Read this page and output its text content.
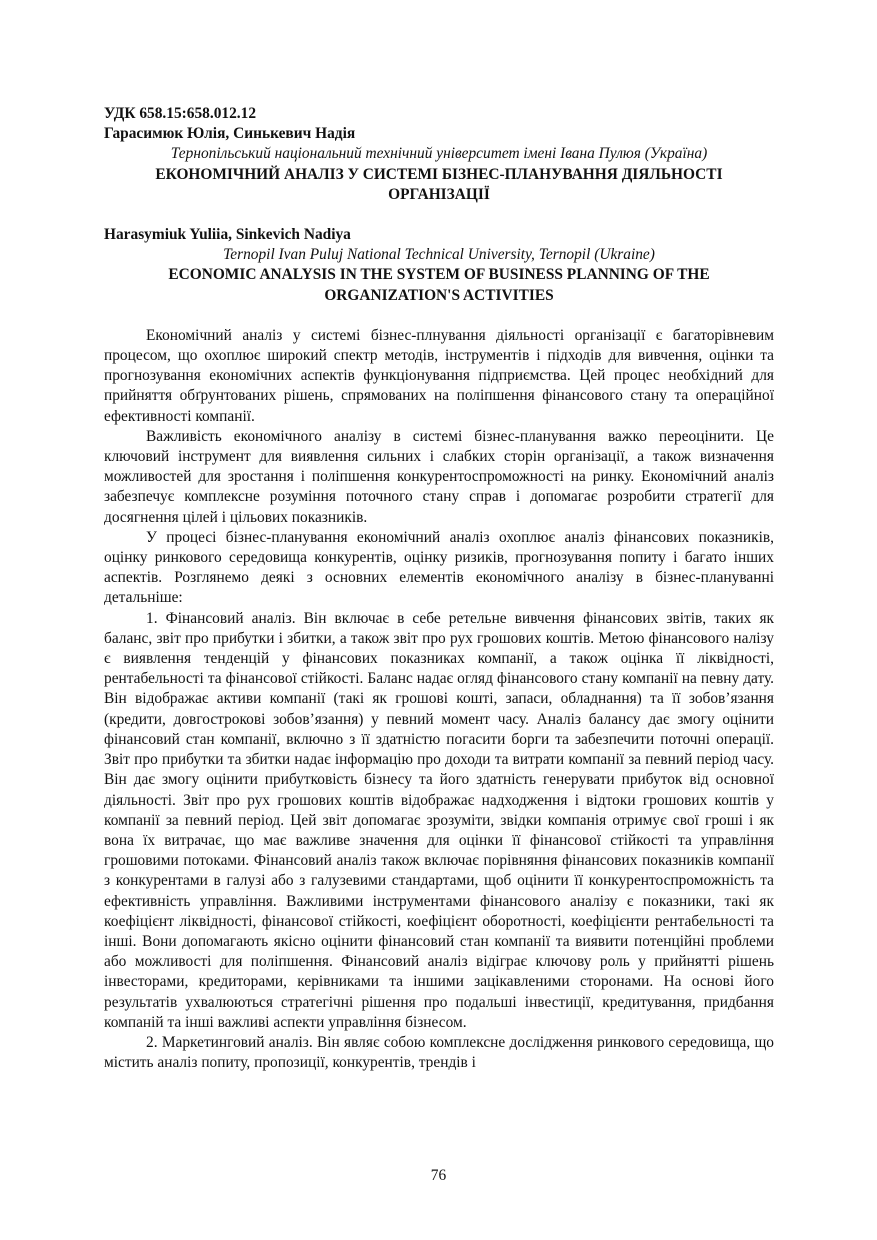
УДК 658.15:658.012.12
Гарасимюк Юлія, Синькевич Надія
Тернопільський національний технічний університет імені Івана Пулюя (Україна)
ЕКОНОМІЧНИЙ АНАЛІЗ У СИСТЕМІ БІЗНЕС-ПЛАНУВАННЯ ДІЯЛЬНОСТІ
ОРГАНІЗАЦІЇ
Harasymiuk Yuliia, Sinkevich Nadiya
Ternopil Ivan Puluj National Technical University, Ternopil (Ukraine)
ECONOMIC ANALYSIS IN THE SYSTEM OF BUSINESS PLANNING OF THE
ORGANIZATION'S ACTIVITIES

Економічний аналіз у системі бізнес-плнування діяльності організації є багаторівневим процесом, що охоплює широкий спектр методів, інструментів і підходів для вивчення, оцінки та прогнозування економічних аспектів функціонування підприємства. Цей процес необхідний для прийняття обґрунтованих рішень, спрямованих на поліпшення фінансового стану та операційної ефективності компанії.

Важливість економічного аналізу в системі бізнес-планування важко переоцінити. Це ключовий інструмент для виявлення сильних і слабких сторін організації, а також визначення можливостей для зростання і поліпшення конкурентоспроможності на ринку. Економічний аналіз забезпечує комплексне розуміння поточного стану справ і допомагає розробити стратегії для досягнення цілей і цільових показників.

У процесі бізнес-планування економічний аналіз охоплює аналіз фінансових показників, оцінку ринкового середовища конкурентів, оцінку ризиків, прогнозування попиту і багато інших аспектів. Розглянемо деякі з основних елементів економічного аналізу в бізнес-плануванні детальніше:

1. Фінансовий аналіз. Він включає в себе ретельне вивчення фінансових звітів, таких як баланс, звіт про прибутки і збитки, а також звіт про рух грошових коштів. Метою фінансового налізу є виявлення тенденцій у фінансових показниках компанії, а також оцінка її ліквідності, рентабельності та фінансової стійкості. Баланс надає огляд фінансового стану компанії на певну дату. Він відображає активи компанії (такі як грошові кошті, запаси, обладнання) та її зобов’язання (кредити, довгострокові зобов’язання) у певний момент часу. Аналіз балансу дає змогу оцінити фінансовий стан компанії, включно з її здатністю погасити борги та забезпечити поточні операції. Звіт про прибутки та збитки надає інформацію про доходи та витрати компанії за певний період часу. Він дає змогу оцінити прибутковість бізнесу та його здатність генерувати прибуток від основної діяльності. Звіт про рух грошових коштів відображає надходження і відтоки грошових коштів у компанії за певний період. Цей звіт допомагає зрозуміти, звідки компанія отримує свої гроші і як вона їх витрачає, що має важливе значення для оцінки її фінансової стійкості та управління грошовими потоками. Фінансовий аналіз також включає порівняння фінансових показників компанії з конкурентами в галузі або з галузевими стандартами, щоб оцінити її конкурентоспроможність та ефективність управління. Важливими інструментами фінансового аналізу є показники, такі як коефіцієнт ліквідності, фінансової стійкості, коефіцієнт оборотності, коефіцієнти рентабельності та інші. Вони допомагають якісно оцінити фінансовий стан компанії та виявити потенційні проблеми або можливості для поліпшення. Фінансовий аналіз відіграє ключову роль у прийнятті рішень інвесторами, кредиторами, керівниками та іншими зацікавленими сторонами. На основі його результатів ухвалюються стратегічні рішення про подальші інвестиції, кредитування, придбання компаній та інші важливі аспекти управління бізнесом.

2. Маркетинговий аналіз. Він являє собою комплексне дослідження ринкового середовища, що містить аналіз попиту, пропозиції, конкурентів, трендів і

76
